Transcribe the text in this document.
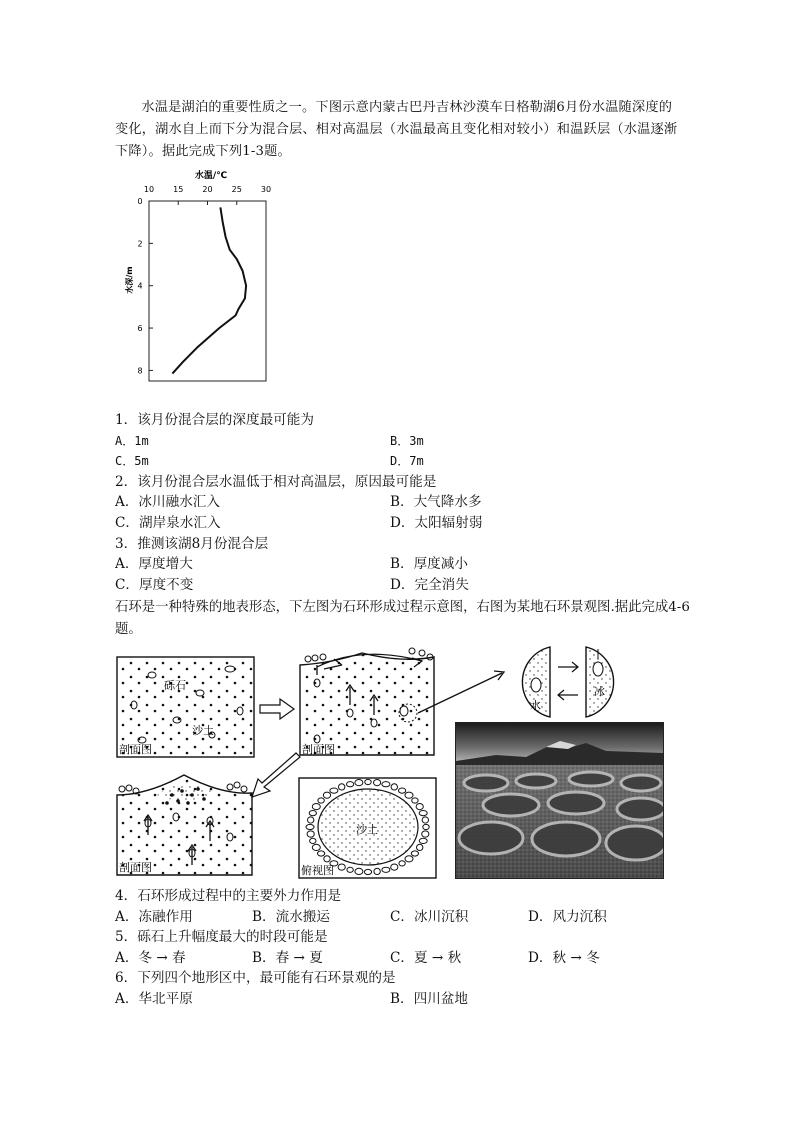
水温是湖泊的重要性质之一。下图示意内蒙古巴丹吉林沙漠车日格勒湖6月份水温随深度的变化，湖水自上而下分为混合层、相对高温层（水温最高且变化相对较小）和温跃层（水温逐渐下降）。据此完成下列1-3题。

水温/℃
10 15 20 25 30
水深/m
0
2
4
6
8
1．该月份混合层的深度最可能为
A．1m	B．3m
C．5m	D．7m
2．该月份混合层水温低于相对高温层，原因最可能是
A．冰川融水汇入	B．大气降水多
C．湖岸泉水汇入	D．太阳辐射弱
3．推测该湖8月份混合层
A．厚度增大	B．厚度减小
C．厚度不变	D．完全消失
石环是一种特殊的地表形态，下左图为石环形成过程示意图，右图为某地石环景观图.据此完成4-6题。
砾石
沙土
剖面图	剖面图
水
冰
剖面图
沙土
俯视图
4．石环形成过程中的主要外力作用是
A．冻融作用	B．流水搬运	C．冰川沉积	D．风力沉积
5．砾石上升幅度最大的时段可能是
A．冬 → 春	B．春 → 夏	C．夏 → 秋	D．秋 → 冬
6．下列四个地形区中，最可能有石环景观的是
A．华北平原	B．四川盆地
